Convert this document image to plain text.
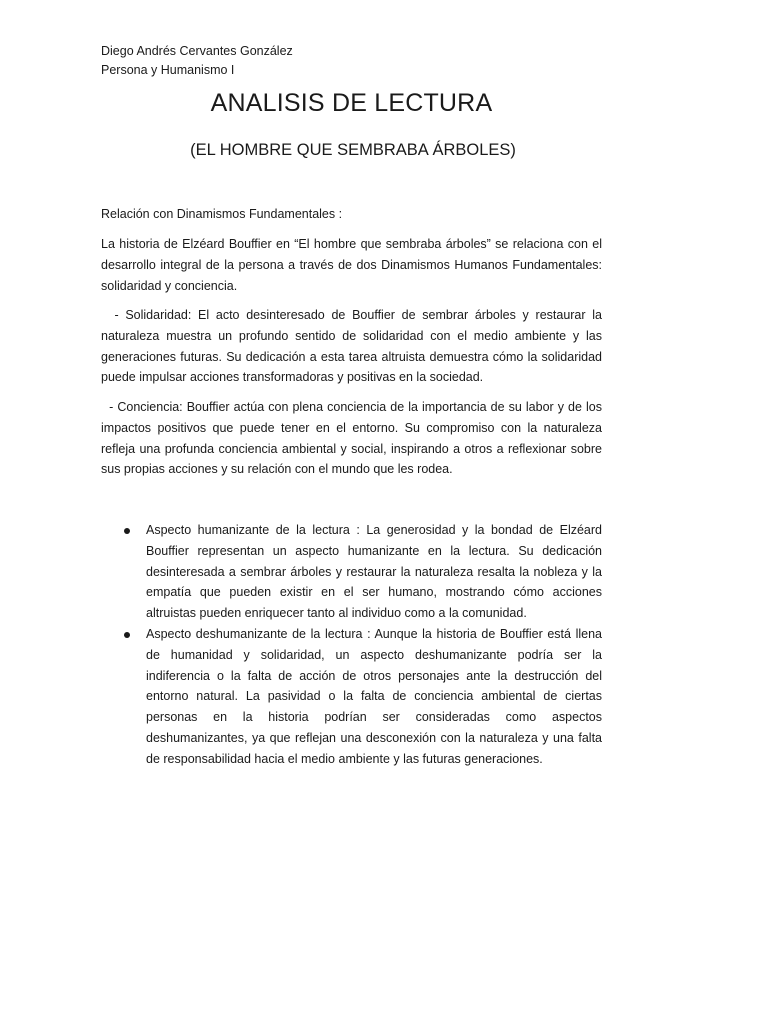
Diego Andrés Cervantes González
Persona y Humanismo I
ANALISIS DE LECTURA
(EL HOMBRE QUE SEMBRABA ÁRBOLES)

Relación con Dinamismos Fundamentales :

La historia de Elzéard Bouffier en “El hombre que sembraba árboles” se relaciona con el desarrollo integral de la persona a través de dos Dinamismos Humanos Fundamentales: solidaridad y conciencia.

- Solidaridad: El acto desinteresado de Bouffier de sembrar árboles y restaurar la naturaleza muestra un profundo sentido de solidaridad con el medio ambiente y las generaciones futuras. Su dedicación a esta tarea altruista demuestra cómo la solidaridad puede impulsar acciones transformadoras y positivas en la sociedad.

- Conciencia: Bouffier actúa con plena conciencia de la importancia de su labor y de los impactos positivos que puede tener en el entorno. Su compromiso con la naturaleza refleja una profunda conciencia ambiental y social, inspirando a otros a reflexionar sobre sus propias acciones y su relación con el mundo que les rodea.

Aspecto humanizante de la lectura : La generosidad y la bondad de Elzéard Bouffier representan un aspecto humanizante en la lectura. Su dedicación desinteresada a sembrar árboles y restaurar la naturaleza resalta la nobleza y la empatía que pueden existir en el ser humano, mostrando cómo acciones altruistas pueden enriquecer tanto al individuo como a la comunidad.

Aspecto deshumanizante de la lectura : Aunque la historia de Bouffier está llena de humanidad y solidaridad, un aspecto deshumanizante podría ser la indiferencia o la falta de acción de otros personajes ante la destrucción del entorno natural. La pasividad o la falta de conciencia ambiental de ciertas personas en la historia podrían ser consideradas como aspectos deshumanizantes, ya que reflejan una desconexión con la naturaleza y una falta de responsabilidad hacia el medio ambiente y las futuras generaciones.
